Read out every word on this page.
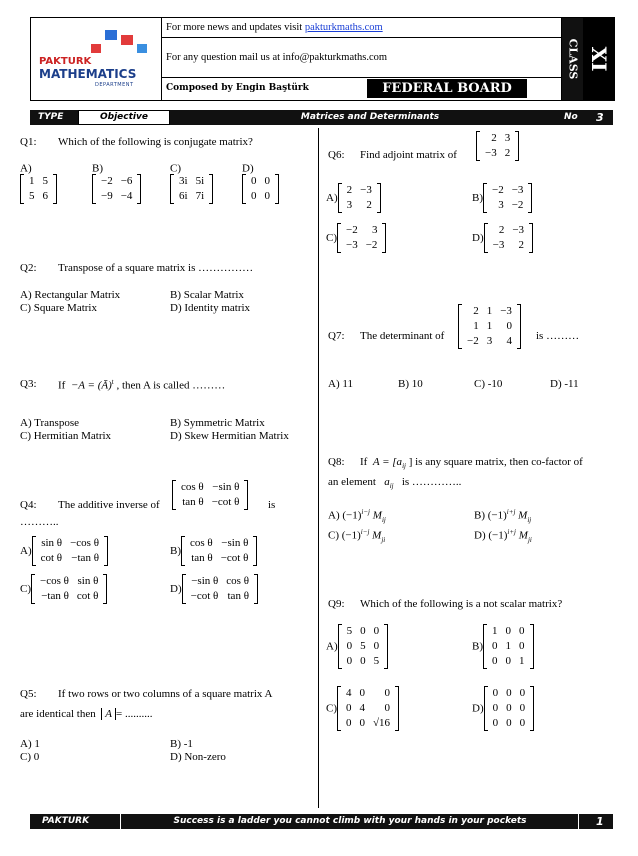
PAKTURK
MATHEMATICS
DEPARTMENT
For more news and updates visit pakturkmaths.com
For any question mail us at info@pakturkmaths.com
Composed by Engin Baştürk	FEDERAL BOARD
CLASS XI
TYPE	Objective	Matrices and Determinants	No 3
Q1: Which of the following is conjugate matrix?
A)
1	5
5	6
B)
−2	−6
−9	−4
C)
3i	5i
6i	7i
D)
0	0
0	0
Q2: Transpose of a square matrix is ……………
A) Rectangular Matrix	B) Scalar Matrix
C) Square Matrix	D) Identity matrix
Q3: If −A = (Ā)$^t$ , then A is called ………
A) Transpose	B) Symmetric Matrix
C) Hermitian Matrix	D) Skew Hermitian Matrix
Q4: The additive inverse of
cos θ	−sin θ
tan θ	−cot θ	is
………..
A)
sin θ	−cos θ
cot θ	−tan θ
B)
cos θ	−sin θ
tan θ	−cot θ
C)
−cos θ	sin θ
−tan θ	cot θ
D)
−sin θ	cos θ
−cot θ	tan θ
Q5: If two rows or two columns of a square matrix A
are identical then A = ..........
A) 1	B) -1
C) 0	D) Non-zero
Q6: Find adjoint matrix of
2	3
−3	2
A)
2	−3
3	2
B)
−2	−3
3	−2
C)
−2	3
−3	−2
D)
2	−3
−3	2
Q7: The determinant of
2	1	−3
1	1	0
−2	3	4 is ………
A) 11	B) 10	C) -10	D) -11
Q8: If $A = [a_{ij}$ ] is any square matrix, then co-factor of
an element $a_{ij}$ is …………..
A) $(-1)^{i-j}$ $M_{ij}$	B) $(-1)^{i+j}$ $M_{ij}$
C) $(-1)^{i-j}$ $M_{ji}$	D) $(-1)^{i+j}$ $M_{ji}$
Q9: Which of the following is a not scalar matrix?
A)
5	0	0
0	5	0
0	0	5
B)
1	0	0
0	1	0
0	0	1
C)
4	0	0
0	4	0
0	0	√16
D)
0	0	0
0	0	0
0	0	0
PAKTURK	Success is a ladder you cannot climb with your hands in your pockets	1
